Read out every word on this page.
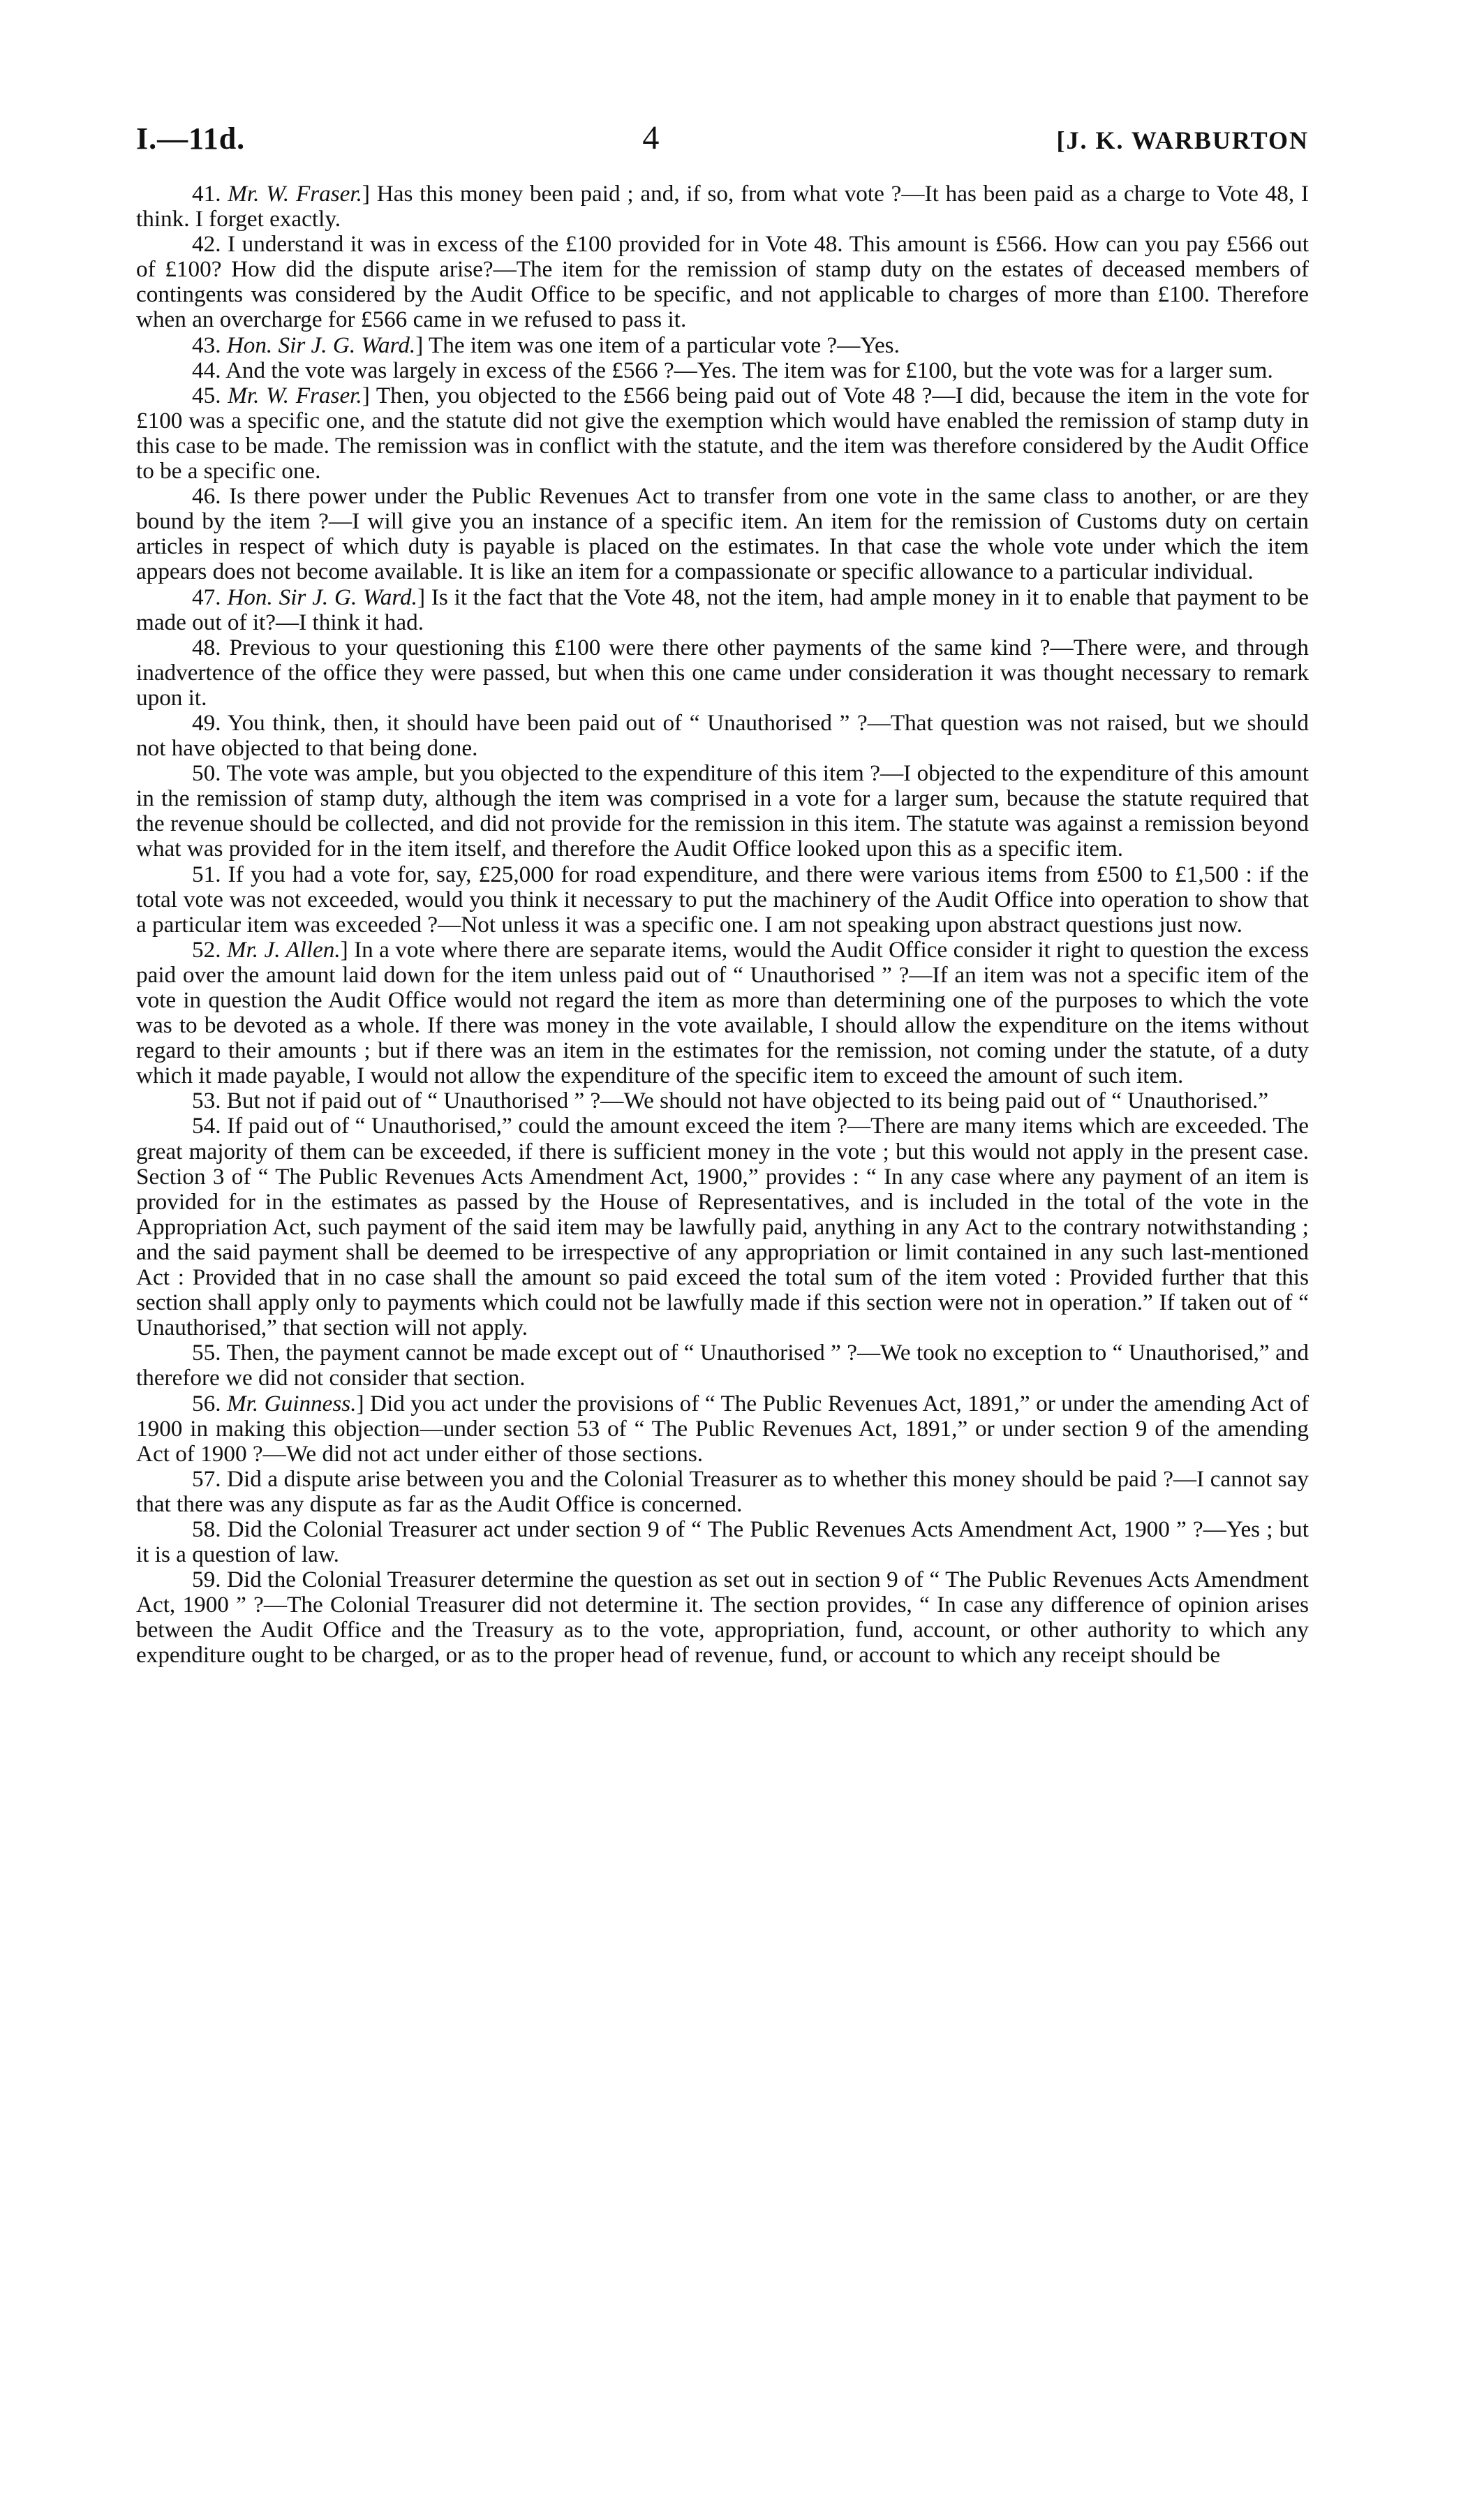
I.—11d.	4	[J. K. WARBURTON

41. Mr. W. Fraser.] Has this money been paid ; and, if so, from what vote ?—It has been paid as a charge to Vote 48, I think. I forget exactly.

42. I understand it was in excess of the £100 provided for in Vote 48. This amount is £566. How can you pay £566 out of £100? How did the dispute arise?—The item for the remission of stamp duty on the estates of deceased members of contingents was considered by the Audit Office to be specific, and not applicable to charges of more than £100. Therefore when an overcharge for £566 came in we refused to pass it.

43. Hon. Sir J. G. Ward.] The item was one item of a particular vote ?—Yes.

44. And the vote was largely in excess of the £566 ?—Yes. The item was for £100, but the vote was for a larger sum.

45. Mr. W. Fraser.] Then, you objected to the £566 being paid out of Vote 48 ?—I did, because the item in the vote for £100 was a specific one, and the statute did not give the exemption which would have enabled the remission of stamp duty in this case to be made. The remission was in conflict with the statute, and the item was therefore considered by the Audit Office to be a specific one.

46. Is there power under the Public Revenues Act to transfer from one vote in the same class to another, or are they bound by the item ?—I will give you an instance of a specific item. An item for the remission of Customs duty on certain articles in respect of which duty is payable is placed on the estimates. In that case the whole vote under which the item appears does not become available. It is like an item for a compassionate or specific allowance to a particular individual.

47. Hon. Sir J. G. Ward.] Is it the fact that the Vote 48, not the item, had ample money in it to enable that payment to be made out of it?—I think it had.

48. Previous to your questioning this £100 were there other payments of the same kind ?—There were, and through inadvertence of the office they were passed, but when this one came under consideration it was thought necessary to remark upon it.

49. You think, then, it should have been paid out of “ Unauthorised ” ?—That question was not raised, but we should not have objected to that being done.

50. The vote was ample, but you objected to the expenditure of this item ?—I objected to the expenditure of this amount in the remission of stamp duty, although the item was comprised in a vote for a larger sum, because the statute required that the revenue should be collected, and did not provide for the remission in this item. The statute was against a remission beyond what was provided for in the item itself, and therefore the Audit Office looked upon this as a specific item.

51. If you had a vote for, say, £25,000 for road expenditure, and there were various items from £500 to £1,500 : if the total vote was not exceeded, would you think it necessary to put the machinery of the Audit Office into operation to show that a particular item was exceeded ?—Not unless it was a specific one. I am not speaking upon abstract questions just now.

52. Mr. J. Allen.] In a vote where there are separate items, would the Audit Office consider it right to question the excess paid over the amount laid down for the item unless paid out of “ Unauthorised ” ?—If an item was not a specific item of the vote in question the Audit Office would not regard the item as more than determining one of the purposes to which the vote was to be devoted as a whole. If there was money in the vote available, I should allow the expenditure on the items without regard to their amounts ; but if there was an item in the estimates for the remission, not coming under the statute, of a duty which it made payable, I would not allow the expenditure of the specific item to exceed the amount of such item.

53. But not if paid out of “ Unauthorised ” ?—We should not have objected to its being paid out of “ Unauthorised.”

54. If paid out of “ Unauthorised,” could the amount exceed the item ?—There are many items which are exceeded. The great majority of them can be exceeded, if there is sufficient money in the vote ; but this would not apply in the present case. Section 3 of “ The Public Revenues Acts Amendment Act, 1900,” provides : “ In any case where any payment of an item is provided for in the estimates as passed by the House of Representatives, and is included in the total of the vote in the Appropriation Act, such payment of the said item may be lawfully paid, anything in any Act to the contrary notwithstanding ; and the said payment shall be deemed to be irrespective of any appropriation or limit contained in any such last-mentioned Act : Provided that in no case shall the amount so paid exceed the total sum of the item voted : Provided further that this section shall apply only to payments which could not be lawfully made if this section were not in operation.” If taken out of “ Unauthorised,” that section will not apply.

55. Then, the payment cannot be made except out of “ Unauthorised ” ?—We took no exception to “ Unauthorised,” and therefore we did not consider that section.

56. Mr. Guinness.] Did you act under the provisions of “ The Public Revenues Act, 1891,” or under the amending Act of 1900 in making this objection—under section 53 of “ The Public Revenues Act, 1891,” or under section 9 of the amending Act of 1900 ?—We did not act under either of those sections.

57. Did a dispute arise between you and the Colonial Treasurer as to whether this money should be paid ?—I cannot say that there was any dispute as far as the Audit Office is concerned.

58. Did the Colonial Treasurer act under section 9 of “ The Public Revenues Acts Amendment Act, 1900 ” ?—Yes ; but it is a question of law.

59. Did the Colonial Treasurer determine the question as set out in section 9 of “ The Public Revenues Acts Amendment Act, 1900 ” ?—The Colonial Treasurer did not determine it. The section provides, “ In case any difference of opinion arises between the Audit Office and the Treasury as to the vote, appropriation, fund, account, or other authority to which any expenditure ought to be charged, or as to the proper head of revenue, fund, or account to which any receipt should be
